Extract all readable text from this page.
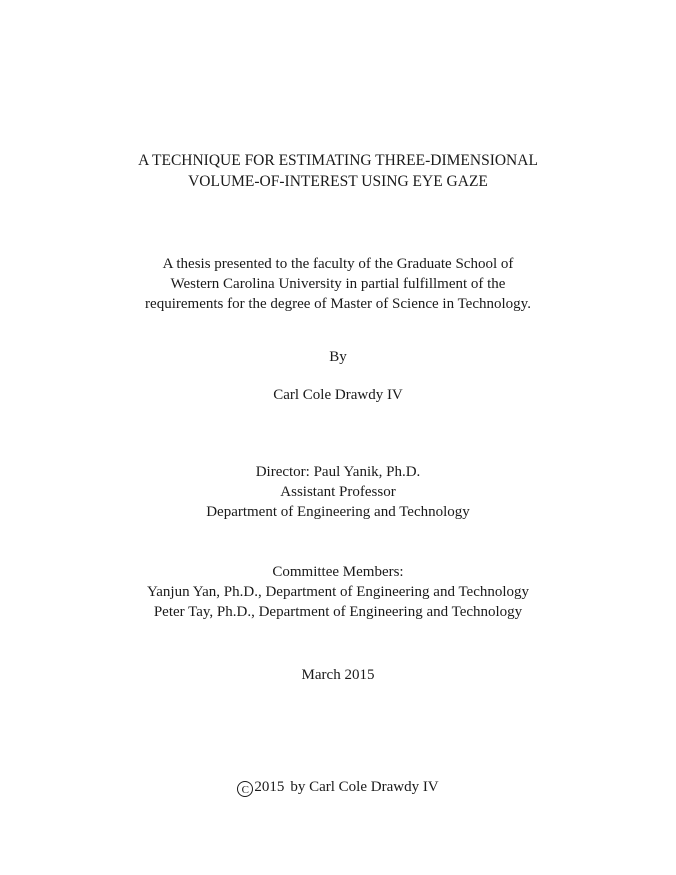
A TECHNIQUE FOR ESTIMATING THREE-DIMENSIONAL
VOLUME-OF-INTEREST USING EYE GAZE
A thesis presented to the faculty of the Graduate School of
Western Carolina University in partial fulfillment of the
requirements for the degree of Master of Science in Technology.
By
Carl Cole Drawdy IV
Director: Paul Yanik, Ph.D.
Assistant Professor
Department of Engineering and Technology
Committee Members:
Yanjun Yan, Ph.D., Department of Engineering and Technology
Peter Tay, Ph.D., Department of Engineering and Technology
March 2015
C 2015 by Carl Cole Drawdy IV
